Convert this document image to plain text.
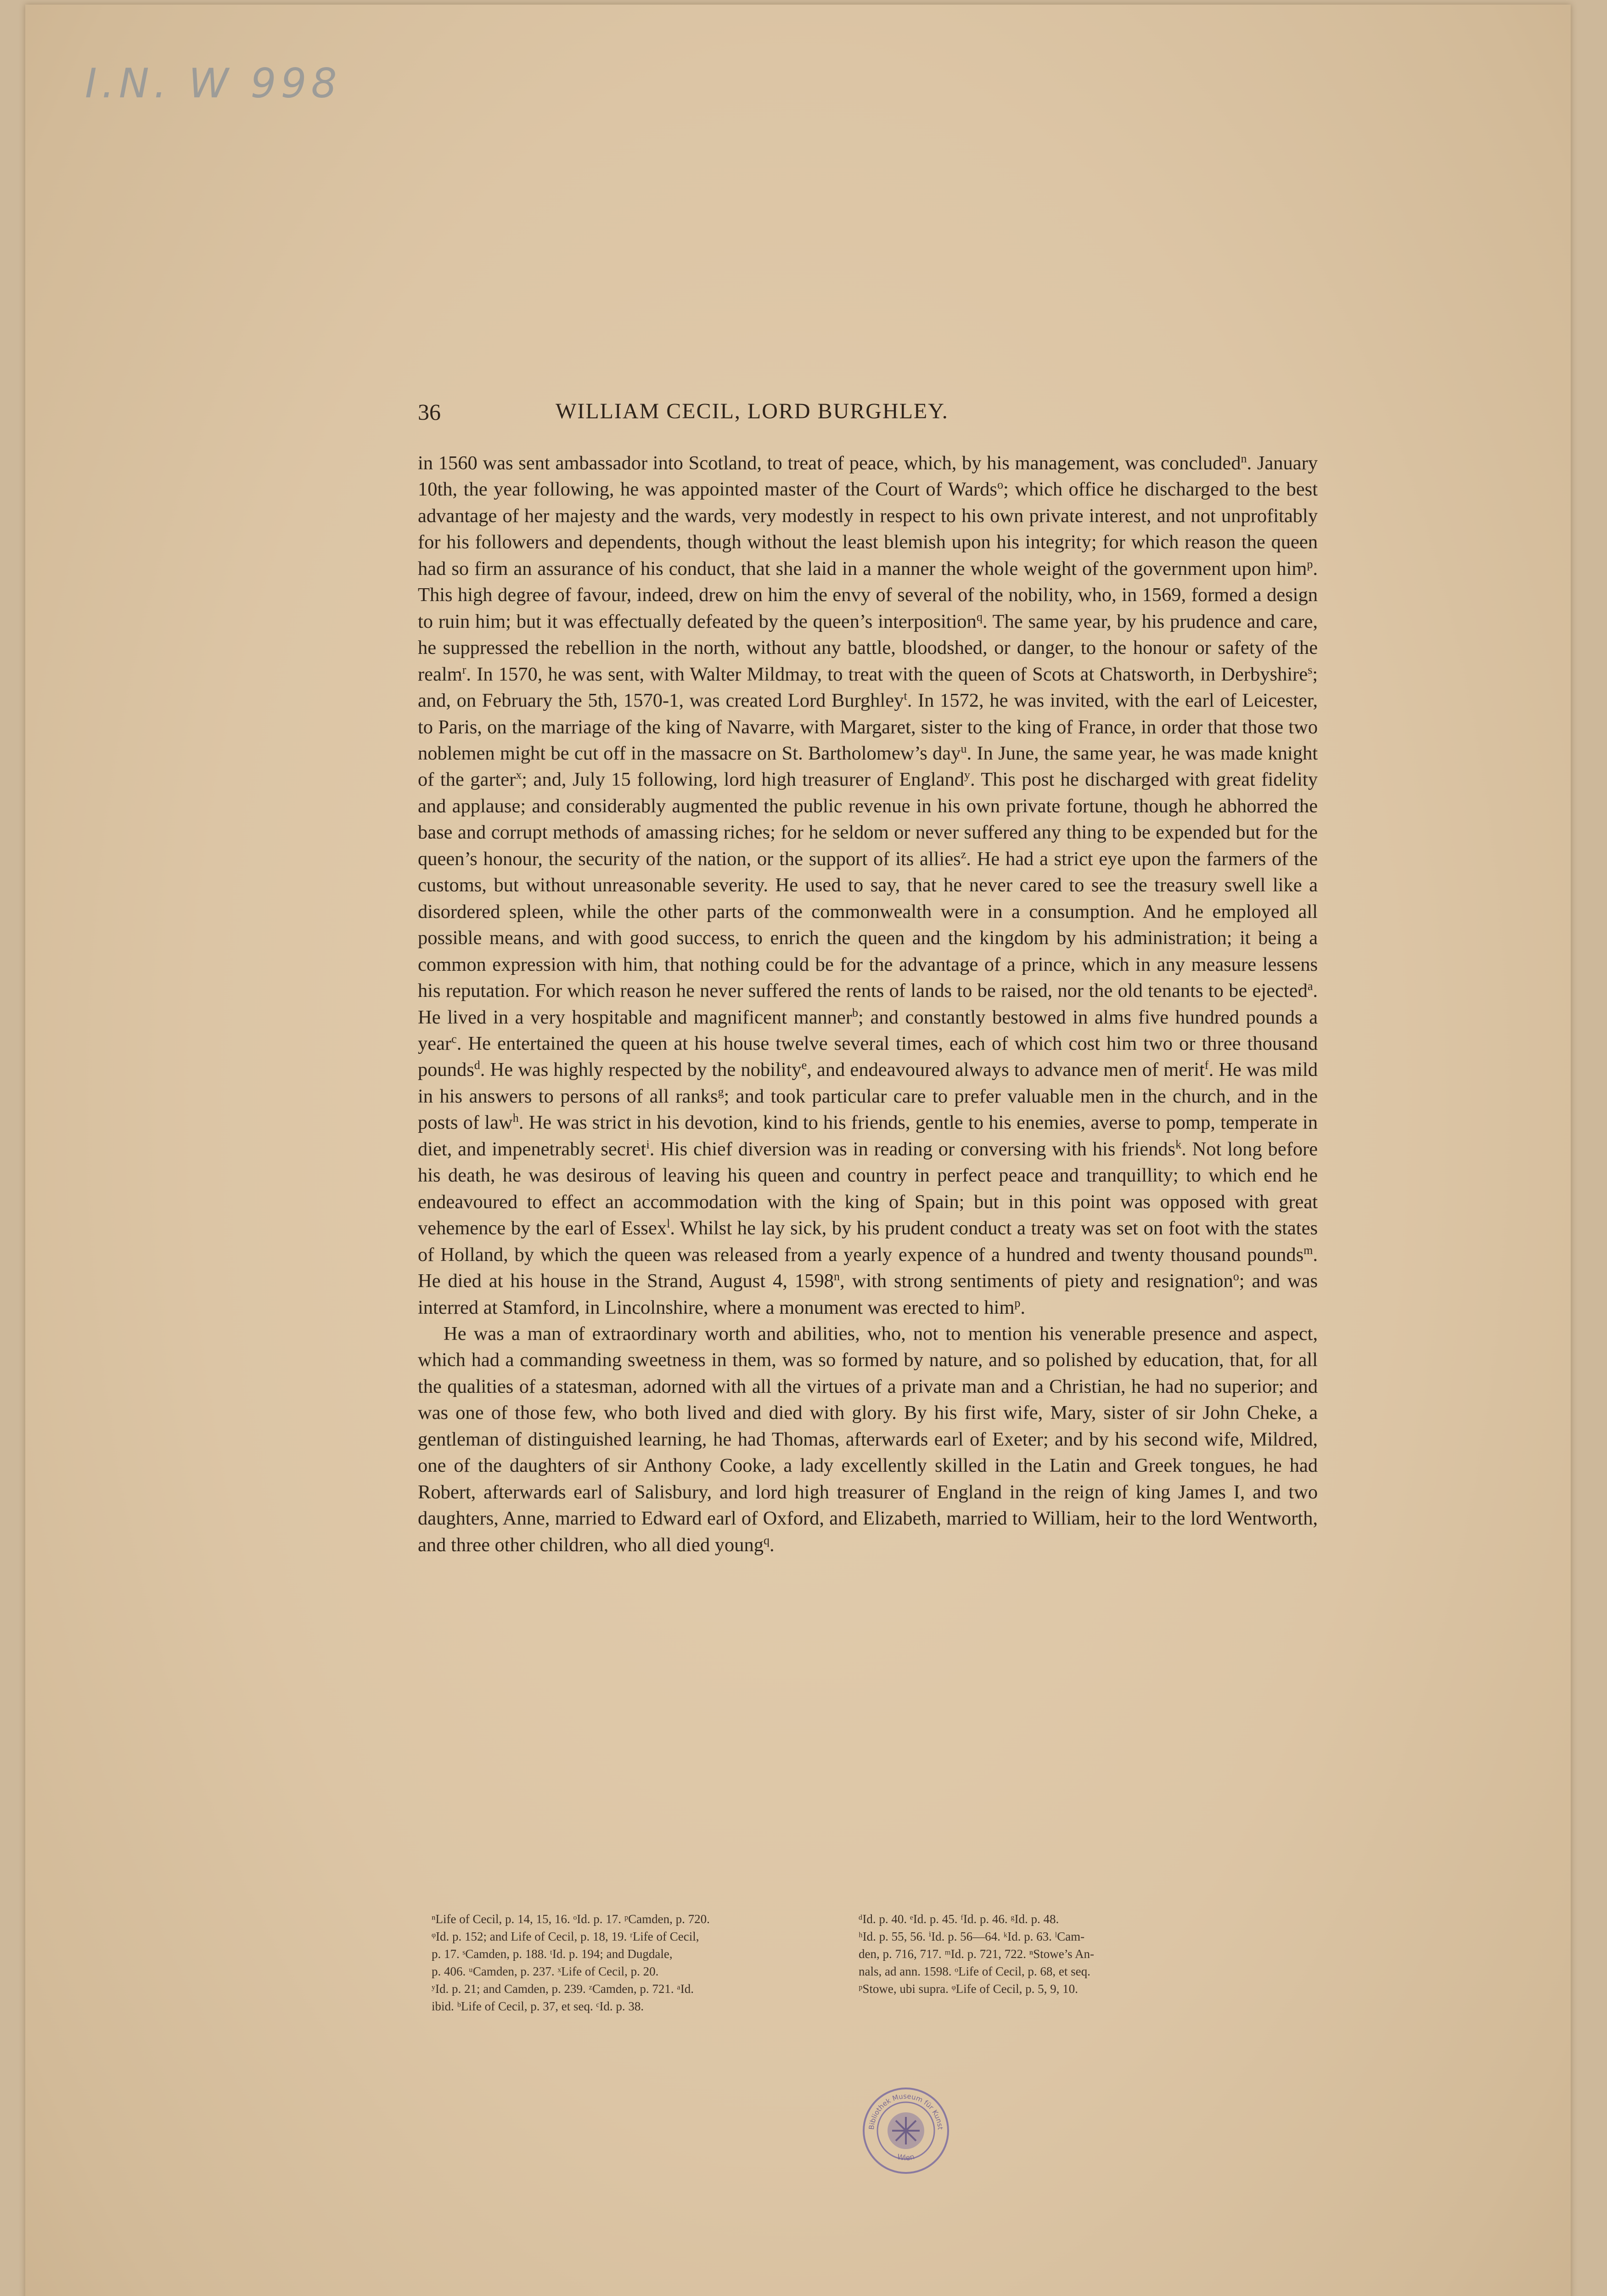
I.N. W 998
36	WILLIAM CECIL, LORD BURGHLEY.

in 1560 was sent ambassador into Scotland, to treat of peace, which, by his management, was concluded$^n$. January 10th, the year following, he was appointed master of the Court of Wards$^o$; which office he discharged to the best advantage of her majesty and the wards, very modestly in respect to his own private interest, and not unprofitably for his followers and dependents, though without the least blemish upon his integrity; for which reason the queen had so firm an assurance of his conduct, that she laid in a manner the whole weight of the government upon him$^p$. This high degree of favour, indeed, drew on him the envy of several of the nobility, who, in 1569, formed a design to ruin him; but it was effectually defeated by the queen’s interposition$^q$. The same year, by his prudence and care, he suppressed the rebellion in the north, without any battle, bloodshed, or danger, to the honour or safety of the realm$^r$. In 1570, he was sent, with Walter Mildmay, to treat with the queen of Scots at Chatsworth, in Derbyshire$^s$; and, on February the 5th, 1570-1, was created Lord Burghley$^t$. In 1572, he was invited, with the earl of Leicester, to Paris, on the marriage of the king of Navarre, with Margaret, sister to the king of France, in order that those two noblemen might be cut off in the massacre on St. Bartholomew’s day$^u$. In June, the same year, he was made knight of the garter$^x$; and, July 15 following, lord high treasurer of England$^y$. This post he discharged with great fidelity and applause; and considerably augmented the public revenue in his own private fortune, though he abhorred the base and corrupt methods of amassing riches; for he seldom or never suffered any thing to be expended but for the queen’s honour, the security of the nation, or the support of its allies$^z$. He had a strict eye upon the farmers of the customs, but without unreasonable severity. He used to say, that he never cared to see the treasury swell like a disordered spleen, while the other parts of the commonwealth were in a consumption. And he employed all possible means, and with good success, to enrich the queen and the kingdom by his administration; it being a common expression with him, that nothing could be for the advantage of a prince, which in any measure lessens his reputation. For which reason he never suffered the rents of lands to be raised, nor the old tenants to be ejected$^a$. He lived in a very hospitable and magnificent manner$^b$; and constantly bestowed in alms five hundred pounds a year$^c$. He entertained the queen at his house twelve several times, each of which cost him two or three thousand pounds$^d$. He was highly respected by the nobility$^e$, and endeavoured always to advance men of merit$^f$. He was mild in his answers to persons of all ranks$^g$; and took particular care to prefer valuable men in the church, and in the posts of law$^h$. He was strict in his devotion, kind to his friends, gentle to his enemies, averse to pomp, temperate in diet, and impenetrably secret$^i$. His chief diversion was in reading or conversing with his friends$^k$. Not long before his death, he was desirous of leaving his queen and country in perfect peace and tranquillity; to which end he endeavoured to effect an accommodation with the king of Spain; but in this point was opposed with great vehemence by the earl of Essex$^l$. Whilst he lay sick, by his prudent conduct a treaty was set on foot with the states of Holland, by which the queen was released from a yearly expence of a hundred and twenty thousand pounds$^m$. He died at his house in the Strand, August 4, 1598$^n$, with strong sentiments of piety and resignation$^o$; and was interred at Stamford, in Lincolnshire, where a monument was erected to him$^p$.

He was a man of extraordinary worth and abilities, who, not to mention his venerable presence and aspect, which had a commanding sweetness in them, was so formed by nature, and so polished by education, that, for all the qualities of a statesman, adorned with all the virtues of a private man and a Christian, he had no superior; and was one of those few, who both lived and died with glory. By his first wife, Mary, sister of sir John Cheke, a gentleman of distinguished learning, he had Thomas, afterwards earl of Exeter; and by his second wife, Mildred, one of the daughters of sir Anthony Cooke, a lady excellently skilled in the Latin and Greek tongues, he had Robert, afterwards earl of Salisbury, and lord high treasurer of England in the reign of king James I, and two daughters, Anne, married to Edward earl of Oxford, and Elizabeth, married to William, heir to the lord Wentworth, and three other children, who all died young$^q$.

ⁿLife of Cecil, p. 14, 15, 16. ᵒId. p. 17. ᵖCamden, p. 720.
ᵠId. p. 152; and Life of Cecil, p. 18, 19. ʳLife of Cecil,
p. 17. ˢCamden, p. 188. ᵗId. p. 194; and Dugdale,
p. 406. ᵘCamden, p. 237. ˣLife of Cecil, p. 20.
ʸId. p. 21; and Camden, p. 239. ᶻCamden, p. 721. ᵃId.
ibid. ᵇLife of Cecil, p. 37, et seq. ᶜId. p. 38.
ᵈId. p. 40. ᵉId. p. 45. ᶠId. p. 46. ᵍId. p. 48.
ʰId. p. 55, 56. ⁱId. p. 56—64. ᵏId. p. 63. ˡCam-
den, p. 716, 717. ᵐId. p. 721, 722. ⁿStowe’s An-
nals, ad ann. 1598. ᵒLife of Cecil, p. 68, et seq.
ᵖStowe, ubi supra. ᵠLife of Cecil, p. 5, 9, 10.
Bibliothek Museum für Kunst
Wien
